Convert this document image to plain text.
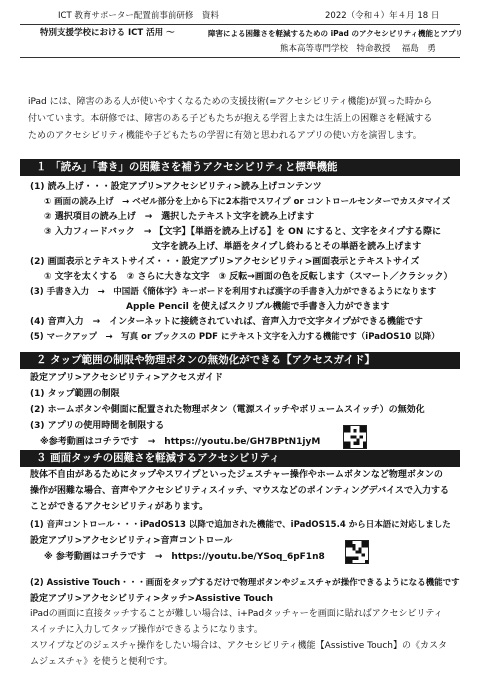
ICT 教育サポーター配置前事前研修　資料	2022（令和４）年４月 18 日
特別支援学校における ICT 活用 〜	障害による困難さを軽減するための iPad のアクセシビリティ機能とアプリ
熊本高等専門学校　特命教授　 福島　勇
iPad には、障害のある人が使いやすくなるための支援技術(=アクセシビリティ機能)が買った時から
付いています。本研修では、障害のある子どもたちが抱える学習上または生活上の困難さを軽減する
ためのアクセシビリティ機能や子どもたちの学習に有効と思われるアプリの使い方を演習します。
１ 「読み」「書き」の困難さを補うアクセシビリティと標準機能
(1) 読み上げ・・・設定アプリ>アクセシビリティ>読み上げコンテンツ
① 画面の読み上げ　→ ベゼル部分を上から下に2本指でスワイプ or コントロールセンターでカスタマイズ
② 選択項目の読み上げ　→　選択したテキスト文字を読み上げます
③ 入力フィードバック　→ 【文字】【単語を読み上げる】を ON にすると、文字をタイプする際に
文字を読み上げ、単語をタイプし終わるとその単語を読み上げます
(2) 画面表示とテキストサイズ・・・設定アプリ>アクセシビリティ>画面表示とテキストサイズ
① 文字を太くする　② さらに大きな文字　③ 反転→画面の色を反転します（スマート／クラシック）
(3) 手書き入力　→　中国語《簡体字》キーボードを利用すれば漢字の手書き入力ができるようになります
Apple Pencil を使えばスクリブル機能で手書き入力ができます
(4) 音声入力　→　インターネットに接続されていれば、音声入力で文字タイプができる機能です
(5) マークアップ　→　写真 or ブックスの PDF にテキスト文字を入力する機能です（iPadOS10 以降）
２ タップ範囲の制限や物理ボタンの無効化ができる【アクセスガイド】
設定アプリ>アクセシビリティ>アクセスガイド
(1) タップ範囲の制限
(2) ホームボタンや側面に配置された物理ボタン（電源スイッチやボリュームスイッチ）の無効化
(3) アプリの使用時間を制限する
※参考動画はコチラです　→　https://youtu.be/GH7BPtN1jyM
３ 画面タッチの困難さを軽減するアクセシビリティ
肢体不自由があるためにタップやスワイプといったジェスチャー操作やホームボタンなど物理ボタンの
操作が困難な場合、音声やアクセシビリティスイッチ、マウスなどのポインティングデバイスで入力する
ことができるアクセシビリティがあります。
(1) 音声コントロール・・・iPadOS13 以降で追加された機能で、iPadOS15.4 から日本語に対応しました
設定アプリ>アクセシビリティ>音声コントロール
※ 参考動画はコチラです　→　https://youtu.be/YSoq_6pF1n8
(2) Assistive Touch・・・画面をタップするだけで物理ボタンやジェスチャが操作できるようになる機能です
設定アプリ>アクセシビリティ>タッチ>Assistive Touch
iPadの画面に直接タッチすることが難しい場合は、i+Padタッチャーを画面に貼ればアクセシビリティ
スイッチに入力してタップ操作ができるようになります。
スワイプなどのジェスチャ操作をしたい場合は、アクセシビリティ機能【Assistive Touch】の《カスタ
ムジェスチャ》を使うと便利です。
